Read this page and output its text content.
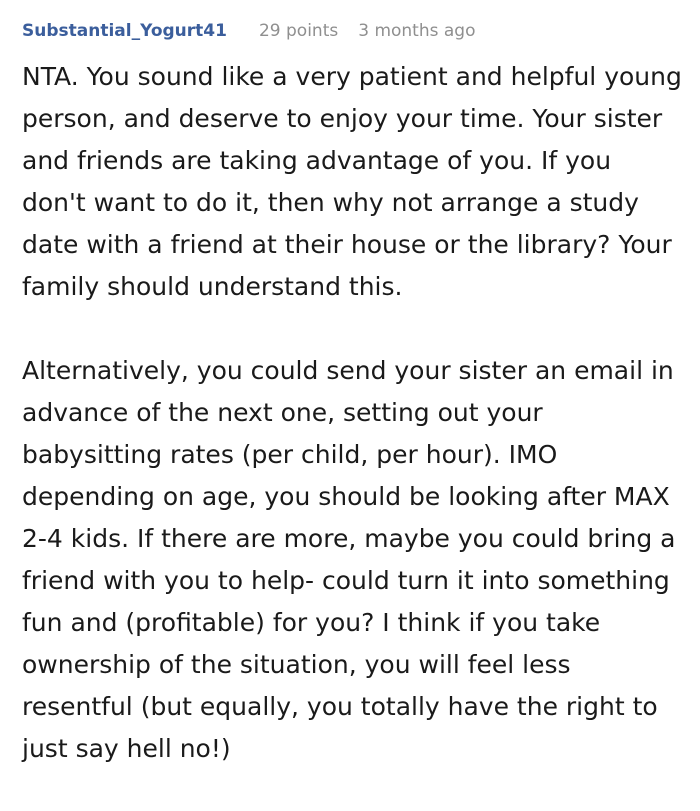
Substantial_Yogurt41 29 points 3 months ago

NTA. You sound like a very patient and helpful young person, and deserve to enjoy your time. Your sister and friends are taking advantage of you. If you don't want to do it, then why not arrange a study date with a friend at their house or the library? Your family should understand this.

Alternatively, you could send your sister an email in advance of the next one, setting out your babysitting rates (per child, per hour). IMO depending on age, you should be looking after MAX 2-4 kids. If there are more, maybe you could bring a friend with you to help- could turn it into something fun and (profitable) for you? I think if you take ownership of the situation, you will feel less resentful (but equally, you totally have the right to just say hell no!)
